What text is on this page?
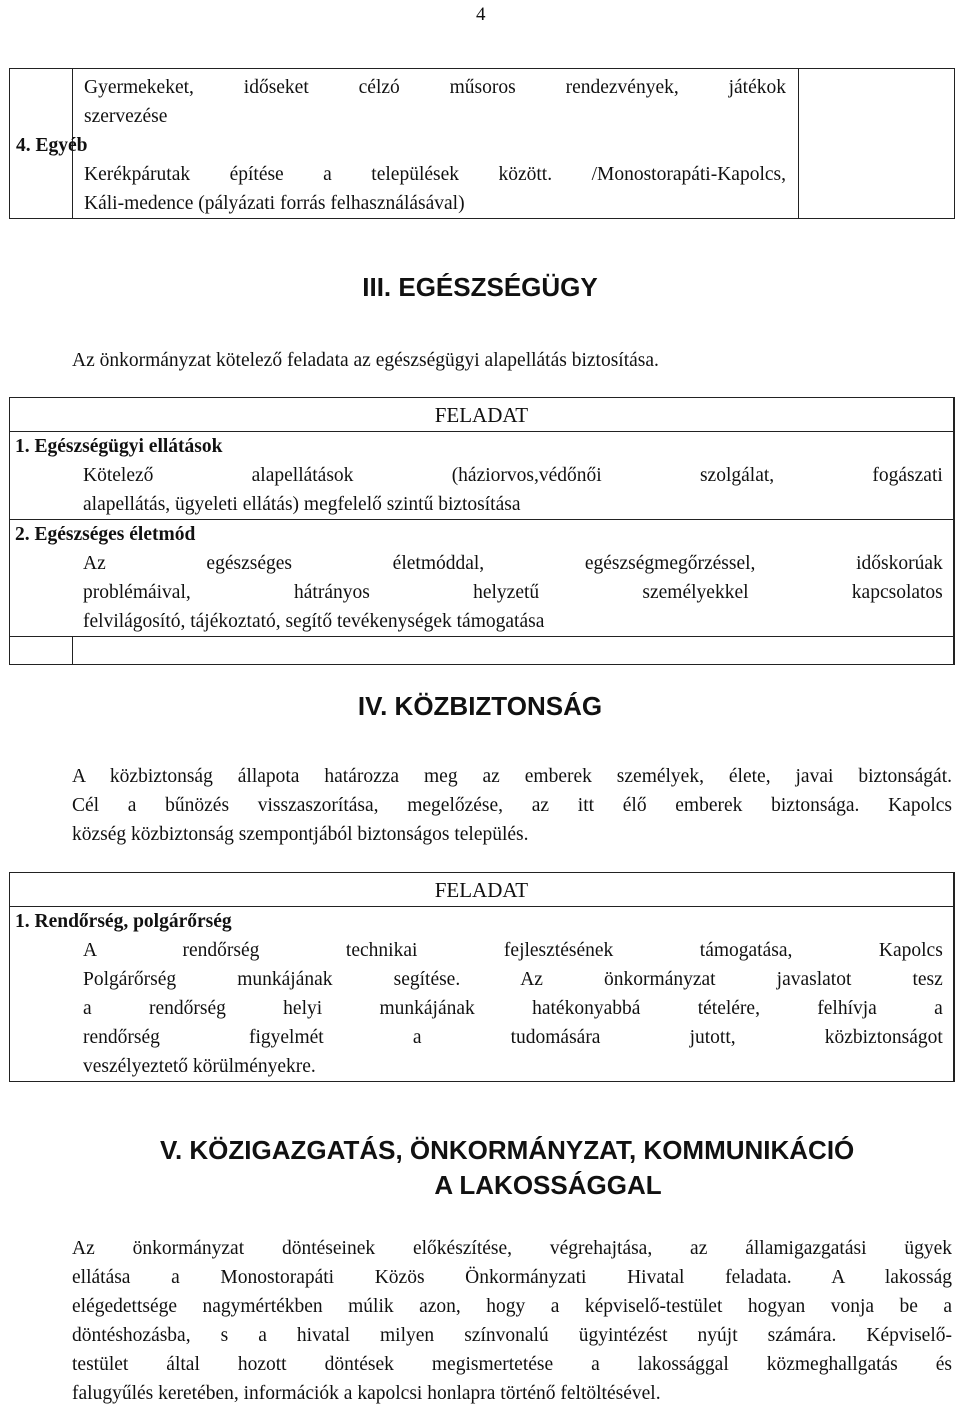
4

Gyermekeket, időseket célzó műsoros rendezvények, játékok
szervezése
4. Egyéb
Kerékpárutak építése a települések között. /Monostorapáti-Kapolcs,
Káli-medence (pályázati forrás felhasználásával)

III. EGÉSZSÉGÜGY
Az önkormányzat kötelező feladata az egészségügyi alapellátás biztosítása.
FELADAT		

1. Egészségügyi ellátások
Kötelező alapellátások (háziorvos,védőnői szolgálat, fogászati
alapellátás, ügyeleti ellátás) megfelelő szintű biztosítása		

2. Egészséges életmód
Az egészséges életmóddal, egészségmegőrzéssel, időskorúak
problémáival, hátrányos helyzetű személyekkel kapcsolatos
felvilágosító, tájékoztató, segítő tevékenységek támogatása		

IV. KÖZBIZTONSÁG
A közbiztonság állapota határozza meg az emberek személyek, élete, javai biztonságát.
Cél a bűnözés visszaszorítása, megelőzése, az itt élő emberek biztonsága. Kapolcs
község közbiztonság szempontjából biztonságos település.
FELADAT

1. Rendőrség, polgárőrség
A rendőrség technikai fejlesztésének támogatása, Kapolcs
Polgárőrség munkájának segítése. Az önkormányzat javaslatot tesz
a rendőrség helyi munkájának hatékonyabbá tételére, felhívja a
rendőrség figyelmét a tudomására jutott, közbiztonságot
veszélyeztető körülményekre.
V. KÖZIGAZGATÁS, ÖNKORMÁNYZAT, KOMMUNIKÁCIÓ
A LAKOSSÁGGAL
Az önkormányzat döntéseinek előkészítése, végrehajtása, az államigazgatási ügyek
ellátása a Monostorapáti Közös Önkormányzati Hivatal feladata. A lakosság
elégedettsége nagymértékben múlik azon, hogy a képviselő-testület hogyan vonja be a
döntéshozásba, s a hivatal milyen színvonalú ügyintézést nyújt számára. Képviselő-
testület által hozott döntések megismertetése a lakossággal közmeghallgatás és
falugyűlés keretében, információk a kapolcsi honlapra történő feltöltésével.
